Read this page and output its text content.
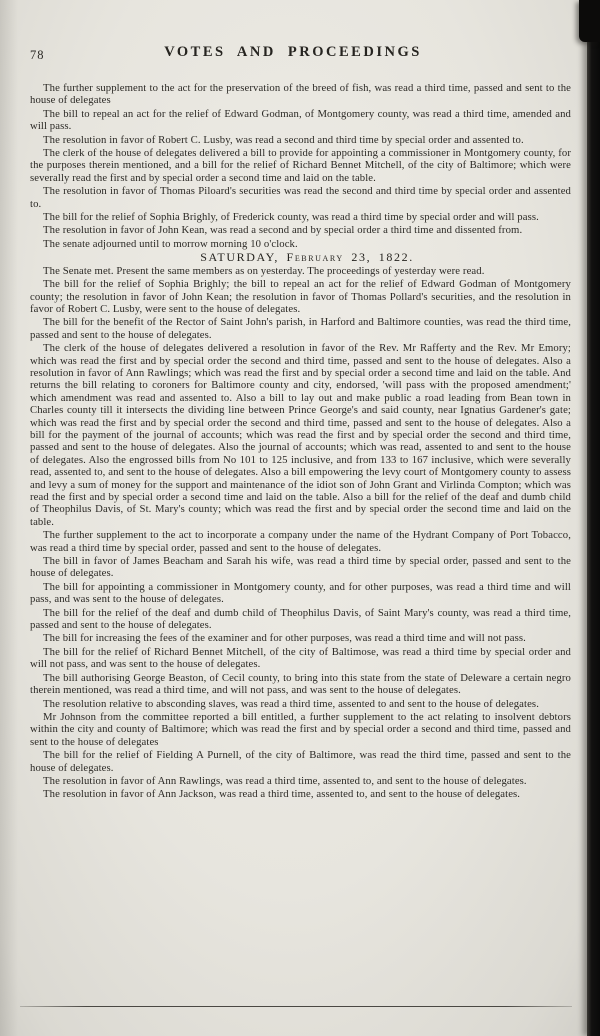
78	VOTES AND PROCEEDINGS

The further supplement to the act for the preservation of the breed of fish, was read a third time, passed and sent to the house of delegates

The bill to repeal an act for the relief of Edward Godman, of Montgomery county, was read a third time, amended and will pass.

The resolution in favor of Robert C. Lusby, was read a second and third time by special order and assented to.

The clerk of the house of delegates delivered a bill to provide for appointing a commissioner in Montgomery county, for the purposes therein mentioned, and a bill for the relief of Richard Bennet Mitchell, of the city of Baltimore; which were severally read the first and by special order a second time and laid on the table.

The resolution in favor of Thomas Piloard's securities was read the second and third time by special order and assented to.

The bill for the relief of Sophia Brighly, of Frederick county, was read a third time by special order and will pass.

The resolution in favor of John Kean, was read a second and by special order a third time and dissented from.

The senate adjourned until to morrow morning 10 o'clock.

SATURDAY, February 23, 1822.

The Senate met. Present the same members as on yesterday. The proceedings of yesterday were read.

The bill for the relief of Sophia Brighly; the bill to repeal an act for the relief of Edward Godman of Montgomery county; the resolution in favor of John Kean; the resolution in favor of Thomas Pollard's securities, and the resolution in favor of Robert C. Lusby, were sent to the house of delegates.

The bill for the benefit of the Rector of Saint John's parish, in Harford and Baltimore counties, was read the third time, passed and sent to the house of delegates.

The clerk of the house of delegates delivered a resolution in favor of the Rev. Mr Rafferty and the Rev. Mr Emory; which was read the first and by special order the second and third time, passed and sent to the house of delegates. Also a resolution in favor of Ann Rawlings; which was read the first and by special order a second time and laid on the table. And returns the bill relating to coroners for Baltimore county and city, endorsed, 'will pass with the proposed amendment;' which amendment was read and assented to. Also a bill to lay out and make public a road leading from Bean town in Charles county till it intersects the dividing line between Prince George's and said county, near Ignatius Gardener's gate; which was read the first and by special order the second and third time, passed and sent to the house of delegates. Also a bill for the payment of the journal of accounts; which was read the first and by special order the second and third time, passed and sent to the house of delegates. Also the journal of accounts; which was read, assented to and sent to the house of delegates. Also the engrossed bills from No 101 to 125 inclusive, and from 133 to 167 inclusive, which were severally read, assented to, and sent to the house of delegates. Also a bill empowering the levy court of Montgomery county to assess and levy a sum of money for the support and maintenance of the idiot son of John Grant and Virlinda Compton; which was read the first and by special order a second time and laid on the table. Also a bill for the relief of the deaf and dumb child of Theophilus Davis, of St. Mary's county; which was read the first and by special order the second time and laid on the table.

The further supplement to the act to incorporate a company under the name of the Hydrant Company of Port Tobacco, was read a third time by special order, passed and sent to the house of delegates.

The bill in favor of James Beacham and Sarah his wife, was read a third time by special order, passed and sent to the house of delegates.

The bill for appointing a commissioner in Montgomery county, and for other purposes, was read a third time and will pass, and was sent to the house of delegates.

The bill for the relief of the deaf and dumb child of Theophilus Davis, of Saint Mary's county, was read a third time, passed and sent to the house of delegates.

The bill for increasing the fees of the examiner and for other purposes, was read a third time and will not pass.

The bill for the relief of Richard Bennet Mitchell, of the city of Baltimose, was read a third time by special order and will not pass, and was sent to the house of delegates.

The bill authorising George Beaston, of Cecil county, to bring into this state from the state of Deleware a certain negro therein mentioned, was read a third time, and will not pass, and was sent to the house of delegates.

The resolution relative to absconding slaves, was read a third time, assented to and sent to the house of delegates.

Mr Johnson from the committee reported a bill entitled, a further supplement to the act relating to insolvent debtors within the city and county of Baltimore; which was read the first and by special order a second and third time, passed and sent to the house of delegates

The bill for the relief of Fielding A Purnell, of the city of Baltimore, was read the third time, passed and sent to the house of delegates.

The resolution in favor of Ann Rawlings, was read a third time, assented to, and sent to the house of delegates.

The resolution in favor of Ann Jackson, was read a third time, assented to, and sent to the house of delegates.
